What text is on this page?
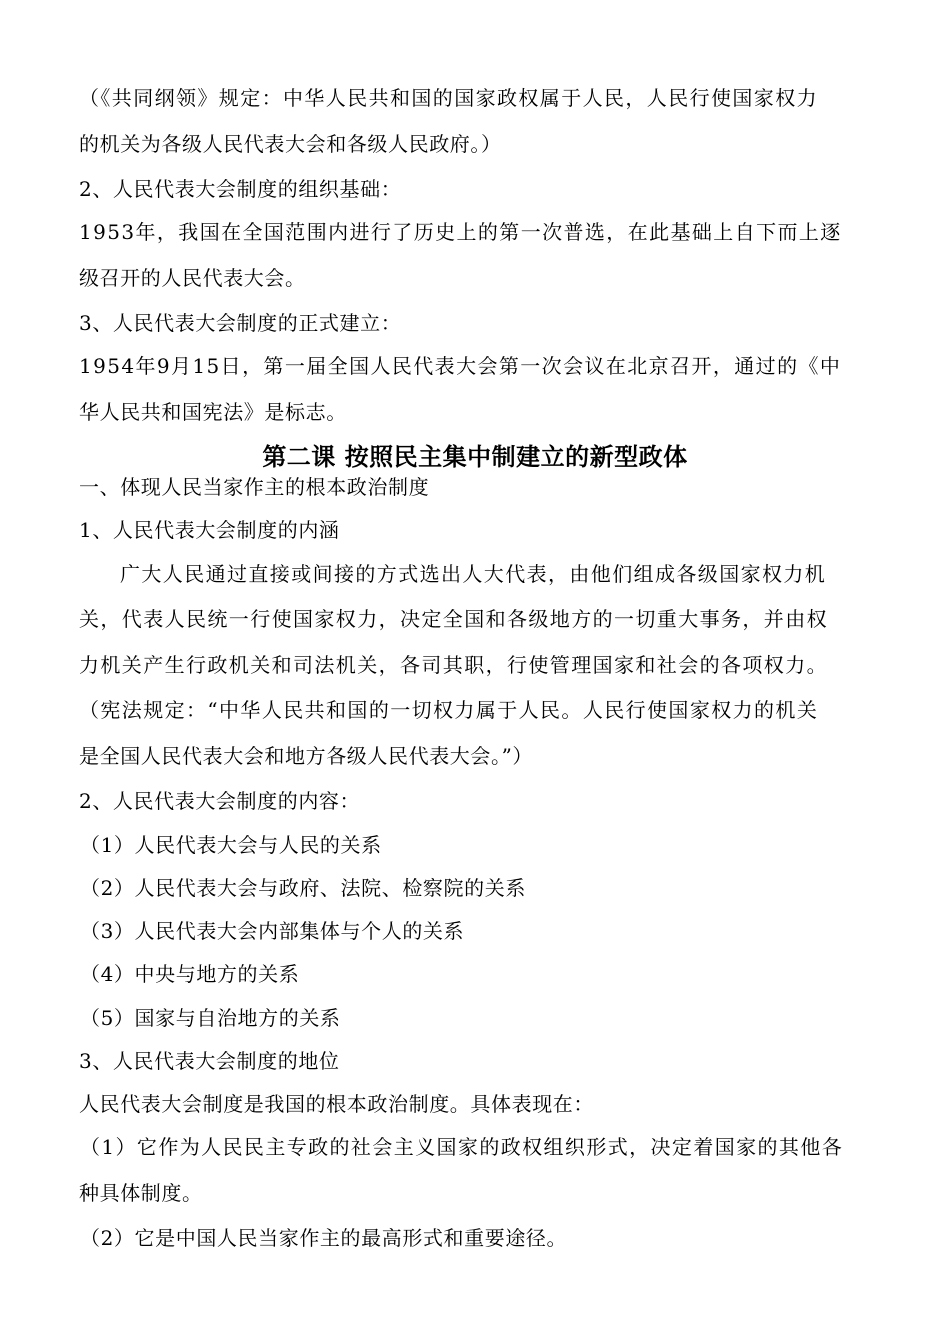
（《共同纲领》规定：中华人民共和国的国家政权属于人民，人民行使国家权力
的机关为各级人民代表大会和各级人民政府。）
2、人民代表大会制度的组织基础：
1953年，我国在全国范围内进行了历史上的第一次普选，在此基础上自下而上逐
级召开的人民代表大会。
3、人民代表大会制度的正式建立：
1954年9月15日，第一届全国人民代表大会第一次会议在北京召开，通过的《中
华人民共和国宪法》是标志。
第二课 按照民主集中制建立的新型政体
一、体现人民当家作主的根本政治制度
1、人民代表大会制度的内涵
广大人民通过直接或间接的方式选出人大代表，由他们组成各级国家权力机
关，代表人民统一行使国家权力，决定全国和各级地方的一切重大事务，并由权
力机关产生行政机关和司法机关，各司其职，行使管理国家和社会的各项权力。
（宪法规定：“中华人民共和国的一切权力属于人民。人民行使国家权力的机关
是全国人民代表大会和地方各级人民代表大会。”）
2、人民代表大会制度的内容：
（1）人民代表大会与人民的关系
（2）人民代表大会与政府、法院、检察院的关系
（3）人民代表大会内部集体与个人的关系
（4）中央与地方的关系
（5）国家与自治地方的关系
3、人民代表大会制度的地位
人民代表大会制度是我国的根本政治制度。具体表现在：
（1）它作为人民民主专政的社会主义国家的政权组织形式，决定着国家的其他各
种具体制度。
（2）它是中国人民当家作主的最高形式和重要途径。
